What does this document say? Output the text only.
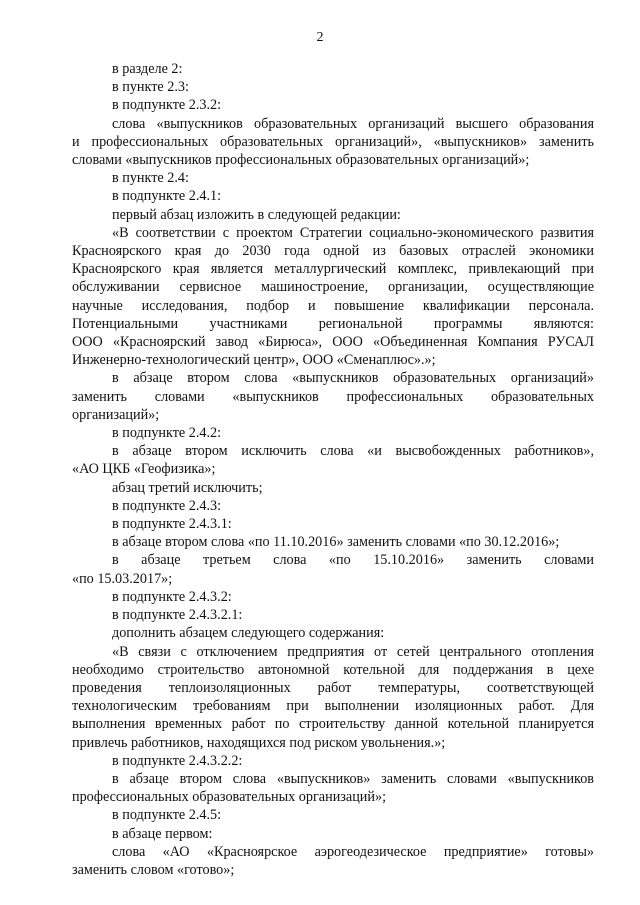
2
в разделе 2:
в пункте 2.3:
в подпункте 2.3.2:
слова «выпускников образовательных организаций высшего образования
и профессиональных образовательных организаций», «выпускников» заменить
словами «выпускников профессиональных образовательных организаций»;
в пункте 2.4:
в подпункте 2.4.1:
первый абзац изложить в следующей редакции:
«В соответствии с проектом Стратегии социально-экономического развития
Красноярского края до 2030 года одной из базовых отраслей экономики
Красноярского края является металлургический комплекс, привлекающий при
обслуживании сервисное машиностроение, организации, осуществляющие
научные исследования, подбор и повышение квалификации персонала.
Потенциальными участниками региональной программы являются:
ООО «Красноярский завод «Бирюса», ООО «Объединенная Компания РУСАЛ
Инженерно-технологический центр», ООО «Сменаплюс».»;
в абзаце втором слова «выпускников образовательных организаций»
заменить словами «выпускников профессиональных образовательных
организаций»;
в подпункте 2.4.2:
в абзаце втором исключить слова «и высвобожденных работников»,
«АО ЦКБ «Геофизика»;
абзац третий исключить;
в подпункте 2.4.3:
в подпункте 2.4.3.1:
в абзаце втором слова «по 11.10.2016» заменить словами «по 30.12.2016»;
в абзаце третьем слова «по 15.10.2016» заменить словами
«по 15.03.2017»;
в подпункте 2.4.3.2:
в подпункте 2.4.3.2.1:
дополнить абзацем следующего содержания:
«В связи с отключением предприятия от сетей центрального отопления
необходимо строительство автономной котельной для поддержания в цехе
проведения теплоизоляционных работ температуры, соответствующей
технологическим требованиям при выполнении изоляционных работ. Для
выполнения временных работ по строительству данной котельной планируется
привлечь работников, находящихся под риском увольнения.»;
в подпункте 2.4.3.2.2:
в абзаце втором слова «выпускников» заменить словами «выпускников
профессиональных образовательных организаций»;
в подпункте 2.4.5:
в абзаце первом:
слова «АО «Красноярское аэрогеодезическое предприятие» готовы»
заменить словом «готово»;
